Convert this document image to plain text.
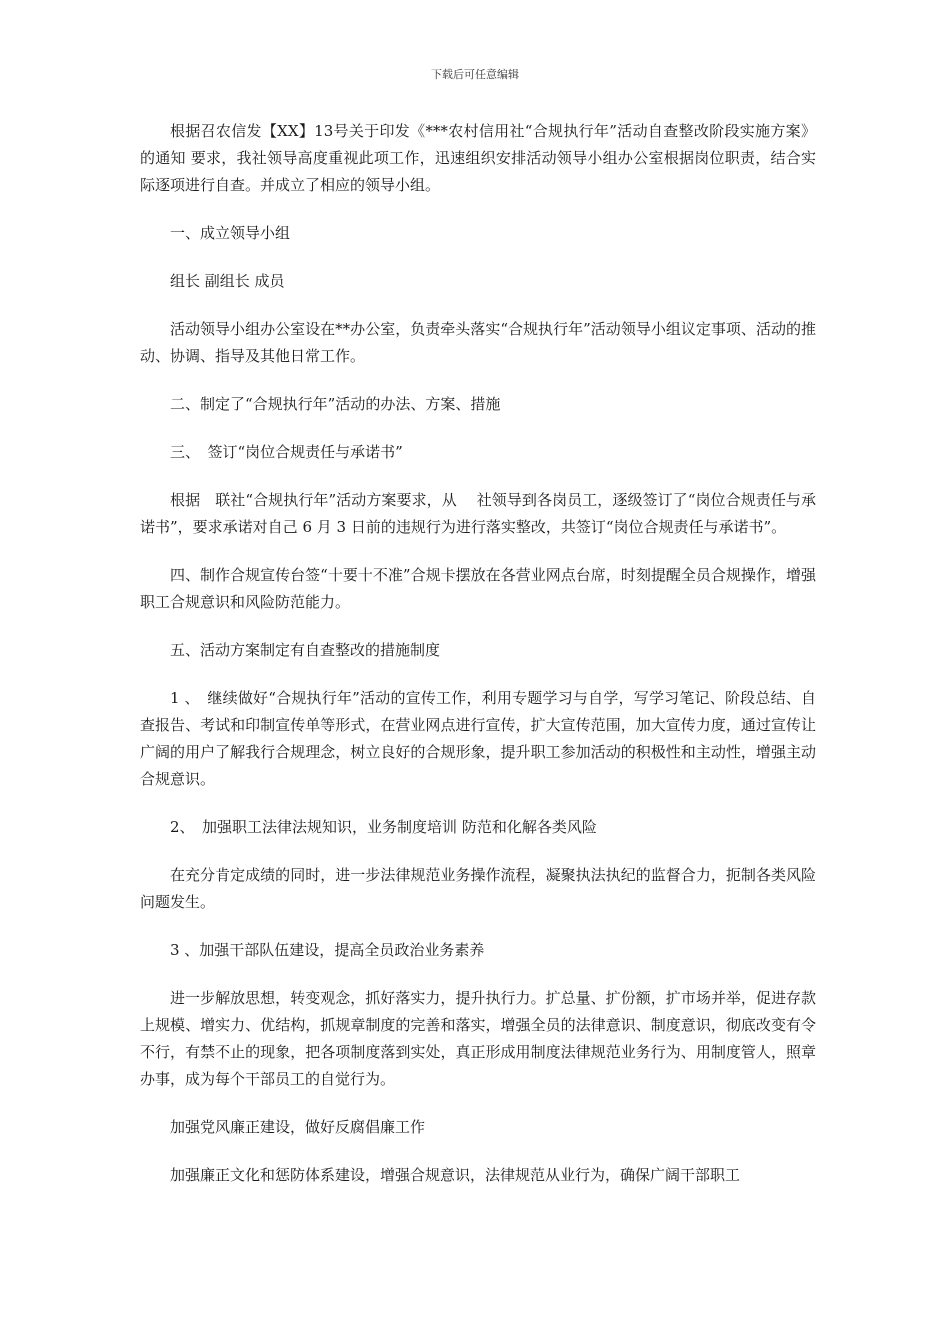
下载后可任意编辑

根据召农信发【XX】13号关于印发《***农村信用社“合规执行年”活动自查整改阶段实施方案》的通知 要求，我社领导高度重视此项工作，迅速组织安排活动领导小组办公室根据岗位职责，结合实际逐项进行自查。并成立了相应的领导小组。

一、成立领导小组

组长 副组长 成员

活动领导小组办公室设在**办公室，负责牵头落实“合规执行年”活动领导小组议定事项、活动的推动、协调、指导及其他日常工作。

二、制定了“合规执行年”活动的办法、方案、措施

三、　签订“岗位合规责任与承诺书”

根据　联社“合规执行年”活动方案要求，从　 社领导到各岗员工，逐级签订了“岗位合规责任与承诺书”，要求承诺对自己 6 月 3 日前的违规行为进行落实整改，共签订“岗位合规责任与承诺书”。

四、制作合规宣传台签“十要十不准”合规卡摆放在各营业网点台席，时刻提醒全员合规操作，增强职工合规意识和风险防范能力。

五、活动方案制定有自查整改的措施制度

1 、　继续做好“合规执行年”活动的宣传工作，利用专题学习与自学，写学习笔记、阶段总结、自查报告、考试和印制宣传单等形式，在营业网点进行宣传，扩大宣传范围，加大宣传力度，通过宣传让广阔的用户了解我行合规理念，树立良好的合规形象，提升职工参加活动的积极性和主动性，增强主动合规意识。

2、　加强职工法律法规知识，业务制度培训 防范和化解各类风险

在充分肯定成绩的同时，进一步法律规范业务操作流程，凝聚执法执纪的监督合力，扼制各类风险问题发生。

3 、加强干部队伍建设，提高全员政治业务素养

进一步解放思想，转变观念，抓好落实力，提升执行力。扩总量、扩份额，扩市场并举，促进存款上规模、增实力、优结构，抓规章制度的完善和落实，增强全员的法律意识、制度意识，彻底改变有令不行，有禁不止的现象，把各项制度落到实处，真正形成用制度法律规范业务行为、用制度管人，照章办事，成为每个干部员工的自觉行为。

加强党风廉正建设，做好反腐倡廉工作

加强廉正文化和惩防体系建设，增强合规意识，法律规范从业行为，确保广阔干部职工
